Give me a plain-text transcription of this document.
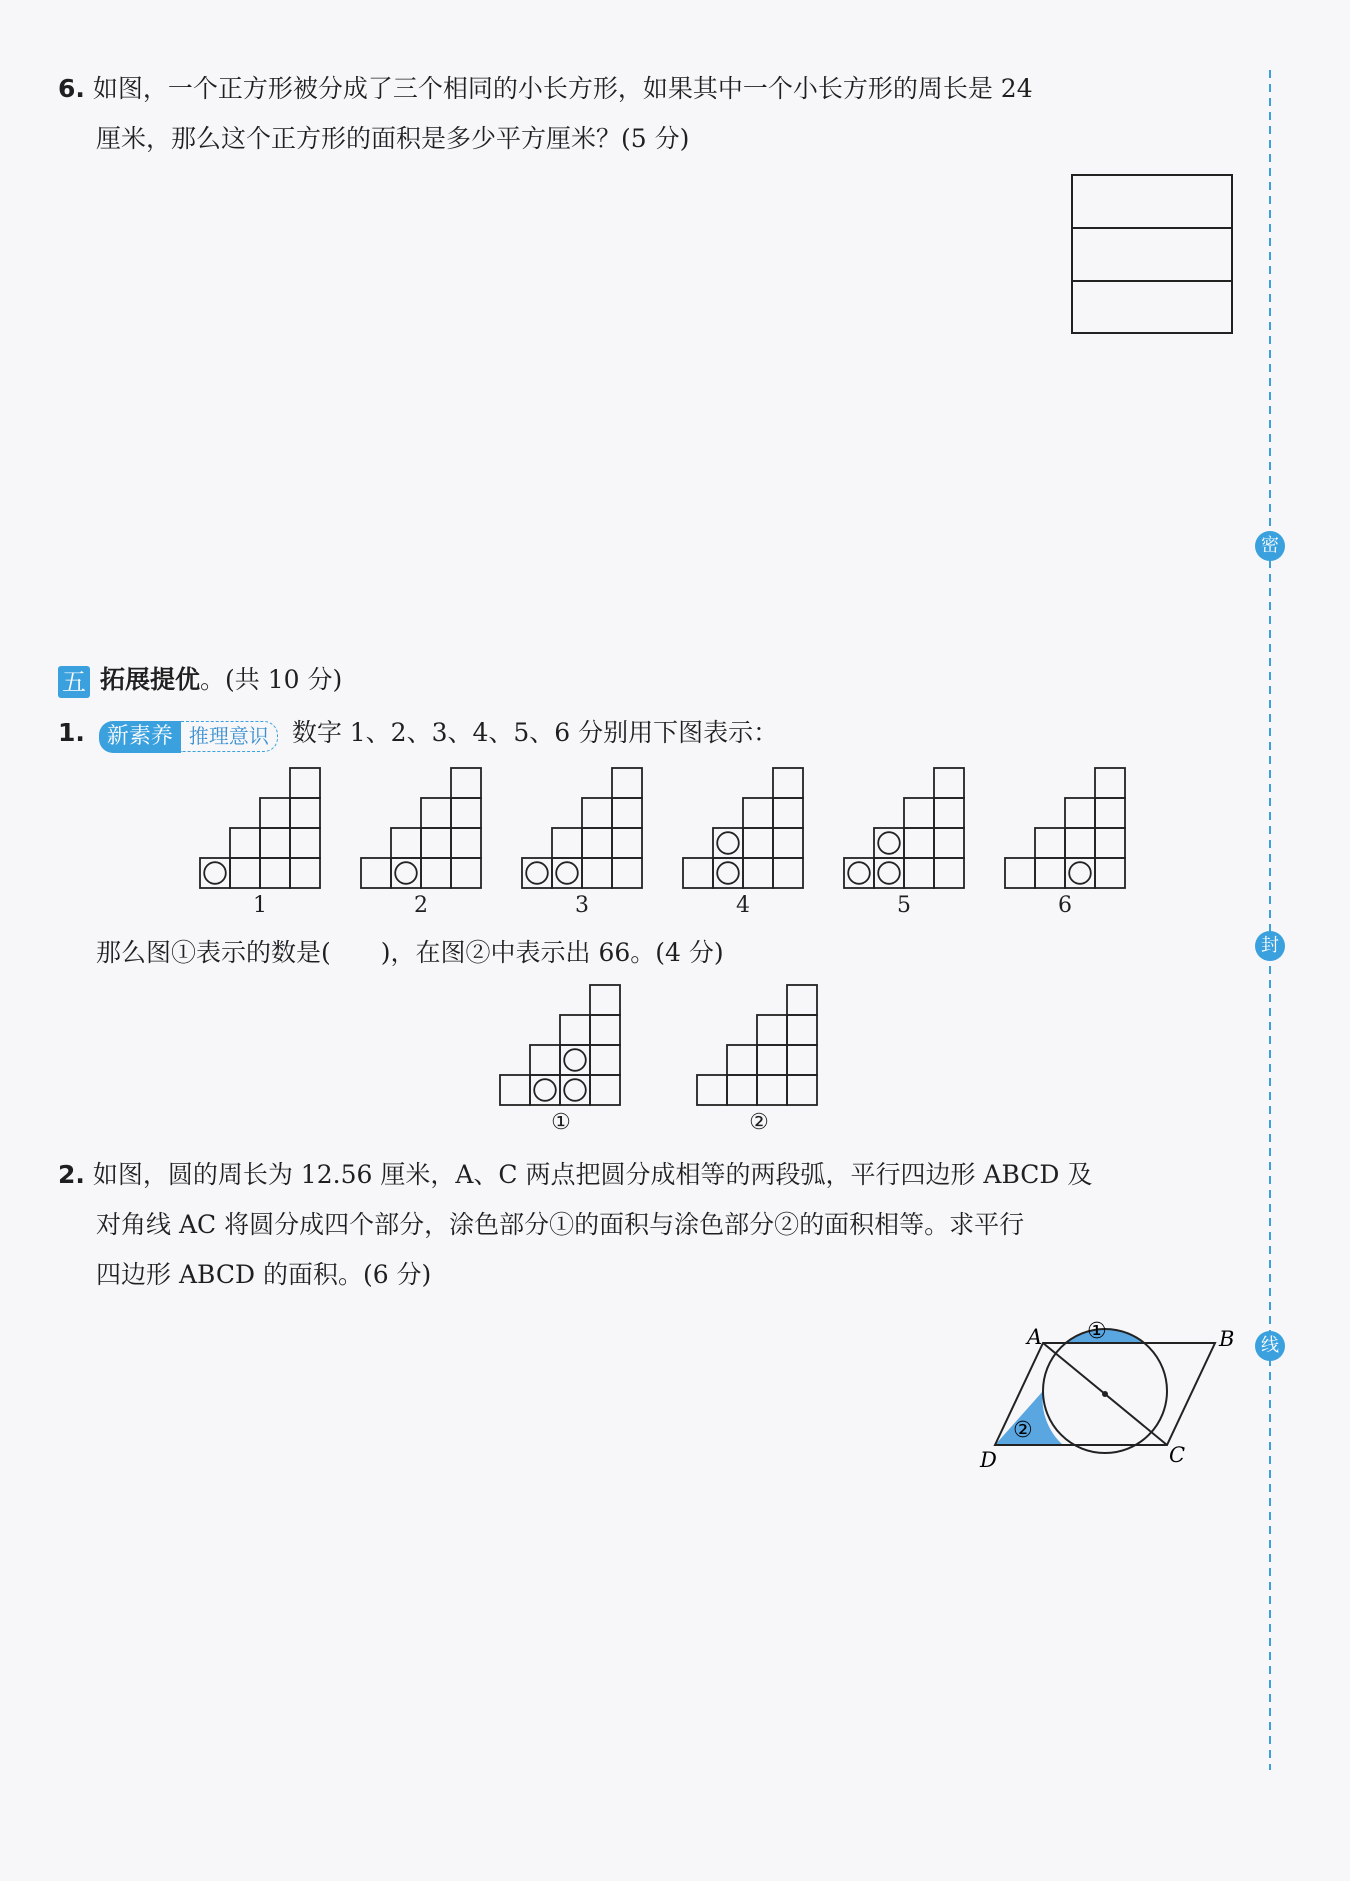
6. 如图，一个正方形被分成了三个相同的小长方形，如果其中一个小长方形的周长是 24
厘米，那么这个正方形的面积是多少平方厘米？(5 分)
五 拓展提优。(共 10 分)
1. 新素养 推理意识 数字 1、2、3、4、5、6 分别用下图表示：
1	2	3	4	5	6
那么图①表示的数是(　　)，在图②中表示出 66。(4 分)
①	②
2. 如图，圆的周长为 12.56 厘米，A、C 两点把圆分成相等的两段弧，平行四边形 ABCD 及
对角线 AC 将圆分成四个部分，涂色部分①的面积与涂色部分②的面积相等。求平行
四边形 ABCD 的面积。(6 分)
A	B
C
D
①
②
密
封
线
